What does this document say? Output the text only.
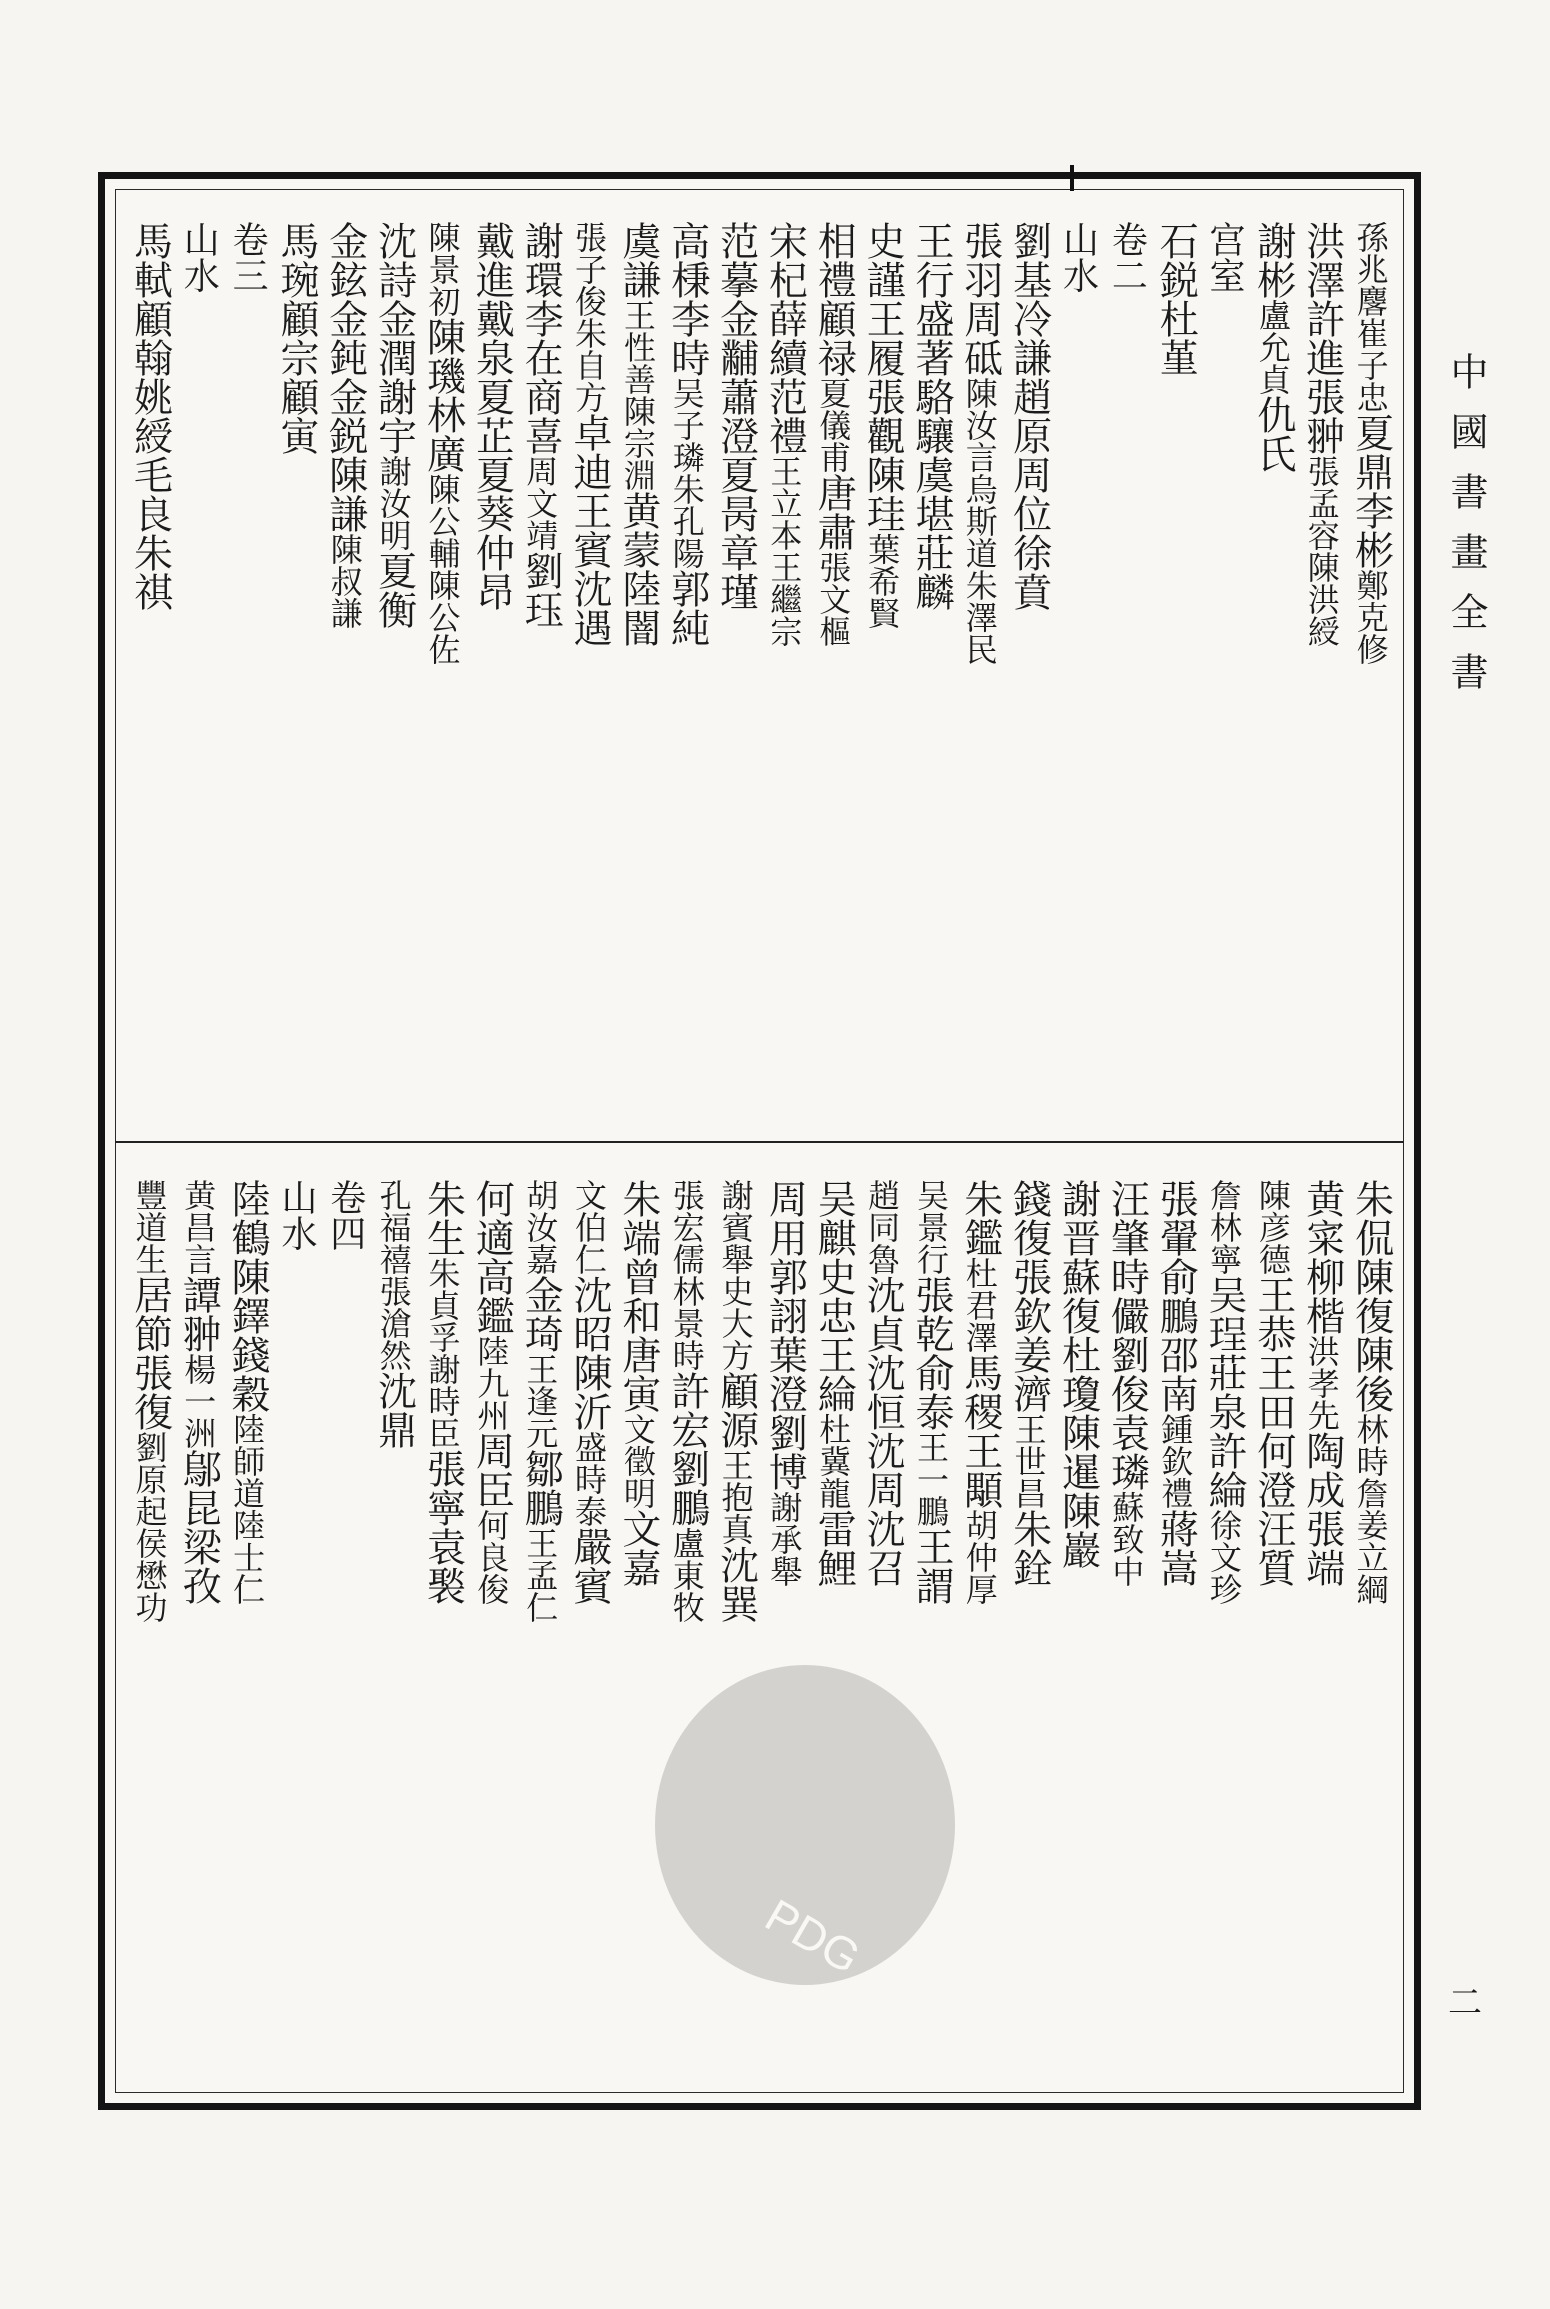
孫兆麐崔子忠夏鼎李彬鄭克修
洪澤許進張翀張孟容陳洪綬
謝彬盧允貞仇氏
宫室
石鋭杜堇
卷二
山水
劉基冷謙趙原周位徐賁
張羽周砥陳汝言烏斯道朱澤民
王行盛著駱驤虞堪莊麟
史謹王履張觀陳珪葉希賢
相禮顧禄夏儀甫唐肅張文樞
宋杞薛續范禮王立本王繼宗
范摹金黼蕭澄夏昺章瑾
高棅李時吴子璘朱孔陽郭純
虞謙王性善陳宗淵黄蒙陸闇
張子俊朱自方卓迪王賓沈遇
謝環李在商喜周文靖劉珏
戴進戴泉夏芷夏葵仲昂
陳景初陳璣林廣陳公輔陳公佐
沈詩金潤謝宇謝汝明夏衡
金鉉金鈍金鋭陳謙陳叔謙
馬琬顧宗顧寅
卷三
山水
馬軾顧翰姚綬毛良朱祺
朱侃陳復陳後林時詹姜立綱
黄寀柳楷洪孝先陶成張端
陳彦德王恭王田何澄汪質
詹林寧吴珵莊泉許綸徐文珍
張翬俞鵬邵南鍾欽禮蔣嵩
汪肇時儼劉俊袁璘蘇致中
謝晋蘇復杜瓊陳暹陳巖
錢復張欽姜濟王世昌朱銓
朱鑑杜君澤馬稷王顒胡仲厚
吴景行張乾俞泰王一鵬王謂
趙同魯沈貞沈恒沈周沈召
吴麒史忠王綸杜冀龍雷鯉
周用郭詡葉澄劉博謝承舉
謝賓舉史大方顧源王抱真沈巽
張宏儒林景時許宏劉鵬盧東牧
朱端曾和唐寅文徵明文嘉
文伯仁沈昭陳沂盛時泰嚴賓
胡汝嘉金琦王逢元鄒鵬王孟仁
何適高鑑陸九州周臣何良俊
朱生朱貞孚謝時臣張寧袁褧
孔福禧張滄然沈鼎
卷四
山水
陸鶴陳鐸錢穀陸師道陸士仁
黄昌言譚翀楊一洲鄔昆梁孜
豐道生居節張復劉原起侯懋功
中國書畫全書
二
PDG
